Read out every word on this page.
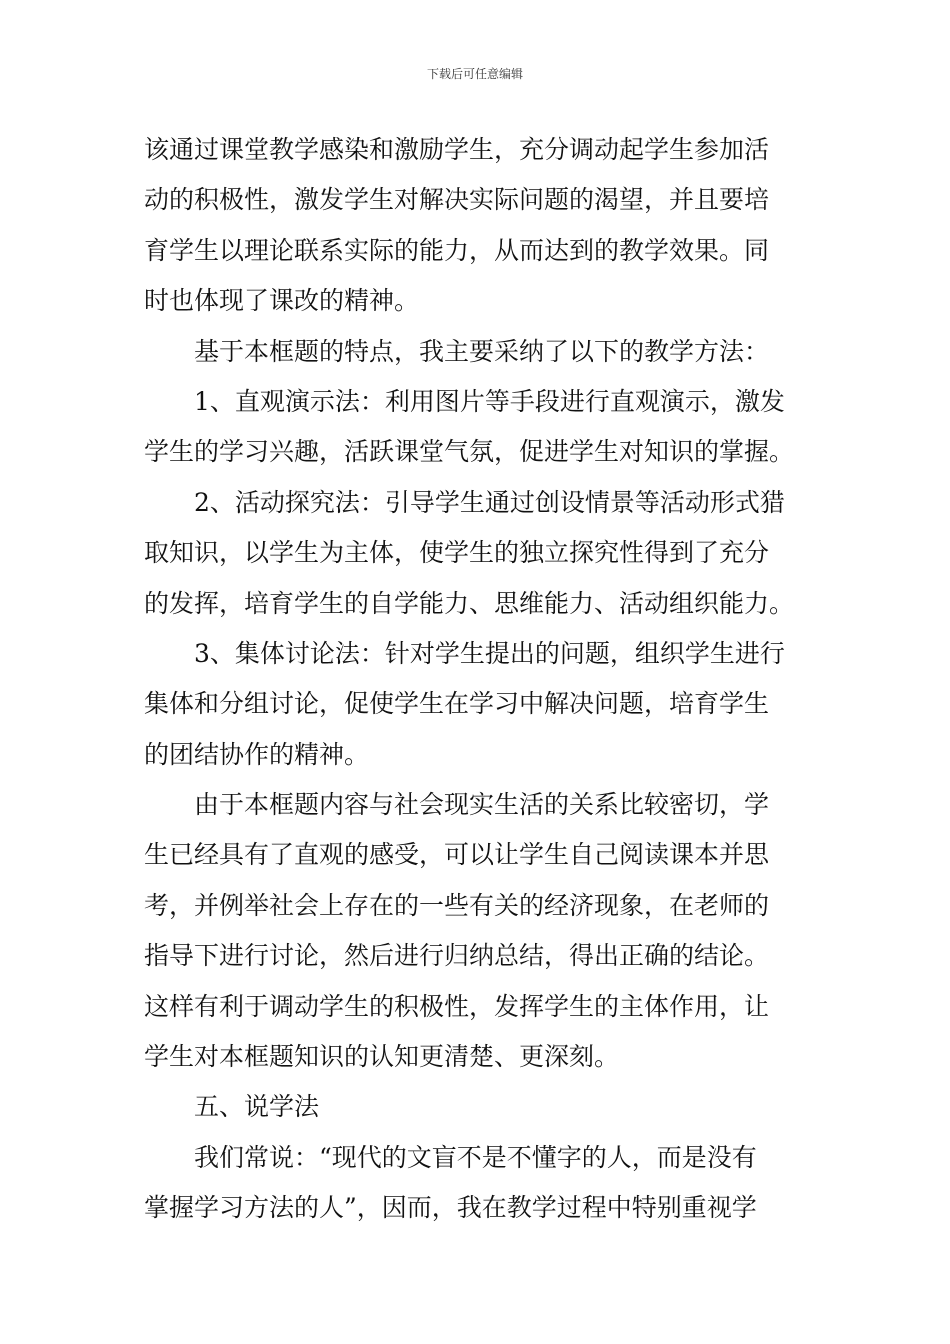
下载后可任意编辑
该通过课堂教学感染和激励学生，充分调动起学生参加活
动的积极性，激发学生对解决实际问题的渴望，并且要培
育学生以理论联系实际的能力，从而达到的教学效果。同
时也体现了课改的精神。
基于本框题的特点，我主要采纳了以下的教学方法：
1、直观演示法：利用图片等手段进行直观演示，激发
学生的学习兴趣，活跃课堂气氛，促进学生对知识的掌握。
2、活动探究法：引导学生通过创设情景等活动形式猎
取知识，以学生为主体，使学生的独立探究性得到了充分
的发挥，培育学生的自学能力、思维能力、活动组织能力。
3、集体讨论法：针对学生提出的问题，组织学生进行
集体和分组讨论，促使学生在学习中解决问题，培育学生
的团结协作的精神。
由于本框题内容与社会现实生活的关系比较密切，学
生已经具有了直观的感受，可以让学生自己阅读课本并思
考，并例举社会上存在的一些有关的经济现象，在老师的
指导下进行讨论，然后进行归纳总结，得出正确的结论。
这样有利于调动学生的积极性，发挥学生的主体作用，让
学生对本框题知识的认知更清楚、更深刻。
五、说学法
我们常说：“现代的文盲不是不懂字的人，而是没有
掌握学习方法的人”，因而，我在教学过程中特别重视学
